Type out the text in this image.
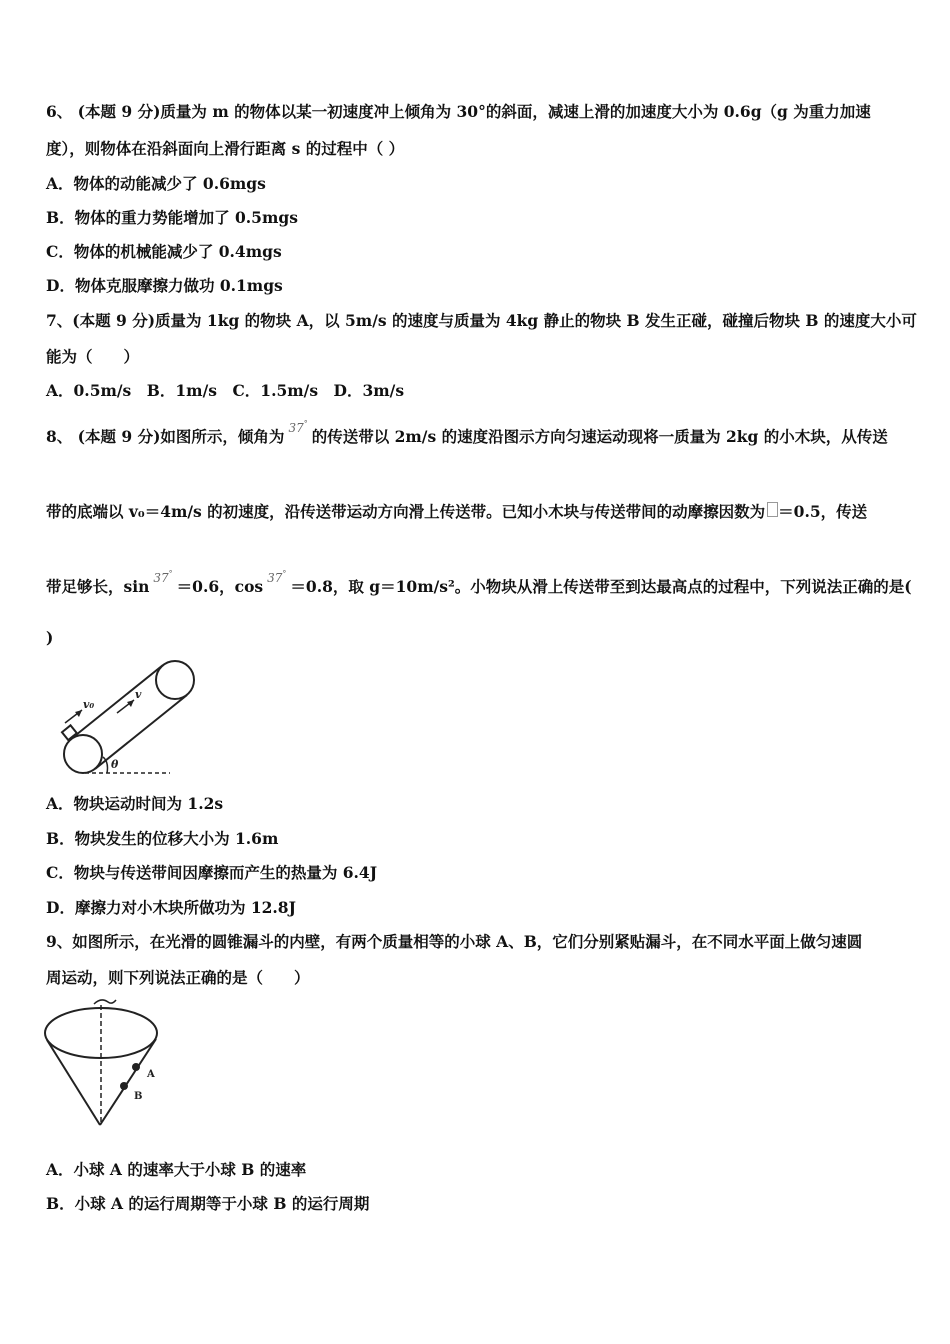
6、 (本题 9 分)质量为 m 的物体以某一初速度冲上倾角为 30°的斜面，减速上滑的加速度大小为 0.6g（g 为重力加速
度），则物体在沿斜面向上滑行距离 s 的过程中（ ）
A．物体的动能减少了 0.6mgs
B．物体的重力势能增加了 0.5mgs
C．物体的机械能减少了 0.4mgs
D．物体克服摩擦力做功 0.1mgs
7、(本题 9 分)质量为 1kg 的物块 A，以 5m/s 的速度与质量为 4kg 静止的物块 B 发生正碰，碰撞后物块 B 的速度大小可
能为（　　）
A．0.5m/s　B．1m/s　C．1.5m/s　D．3m/s
8、 (本题 9 分)如图所示，倾角为 $^{37^\circ}$的传送带以 2m/s 的速度沿图示方向匀速运动现将一质量为 2kg 的小木块，从传送
带的底端以 v₀＝4m/s 的初速度，沿传送带运动方向滑上传送带。已知小木块与传送带间的动摩擦因数为 ＝0.5，传送
带足够长，sin $^{37^\circ}$＝0.6，cos $^{37^\circ}$＝0.8，取 g＝10m/s²。小物块从滑上传送带至到达最高点的过程中，下列说法正确的是(
)
v₀
v
θ
A．物块运动时间为 1.2s
B．物块发生的位移大小为 1.6m
C．物块与传送带间因摩擦而产生的热量为 6.4J
D．摩擦力对小木块所做功为 12.8J
9、如图所示，在光滑的圆锥漏斗的内壁，有两个质量相等的小球 A、B，它们分别紧贴漏斗，在不同水平面上做匀速圆
周运动，则下列说法正确的是（　　）
A
B
A．小球 A 的速率大于小球 B 的速率
B．小球 A 的运行周期等于小球 B 的运行周期
